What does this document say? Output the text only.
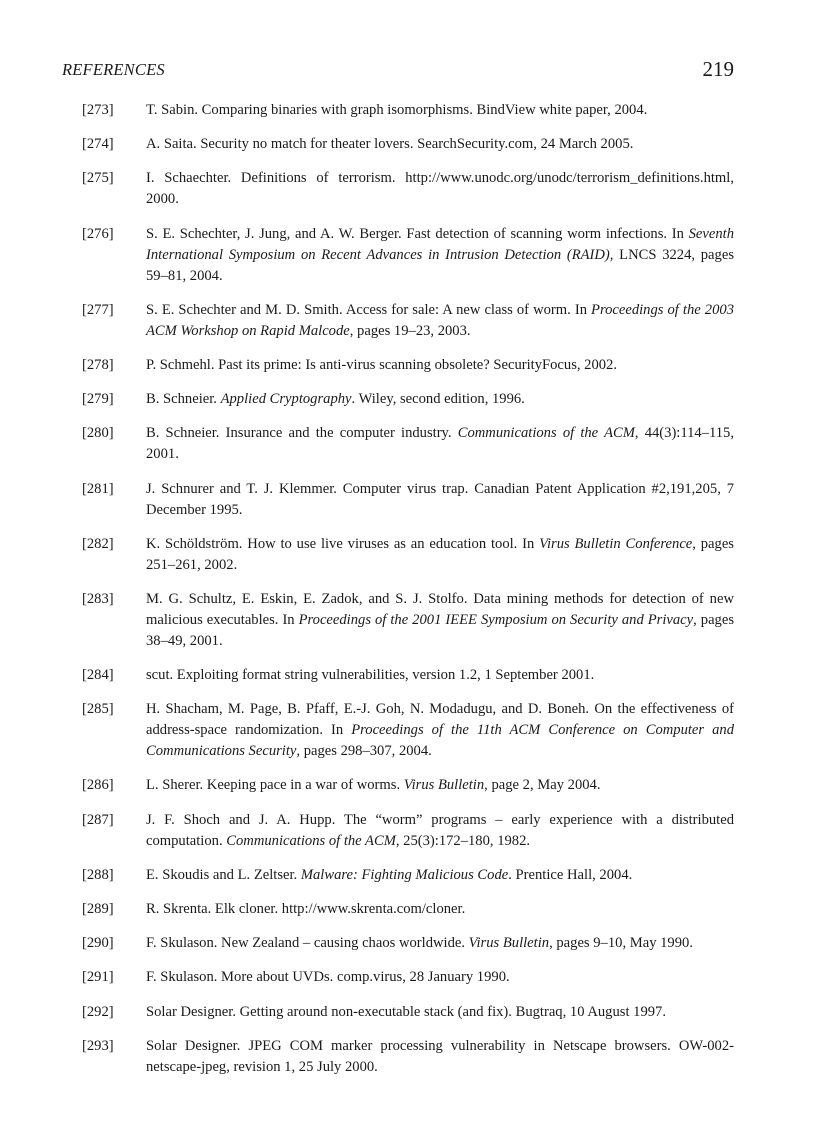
REFERENCES	219
[273] T. Sabin. Comparing binaries with graph isomorphisms. BindView white paper, 2004.
[274] A. Saita. Security no match for theater lovers. SearchSecurity.com, 24 March 2005.
[275] I. Schaechter. Definitions of terrorism. http://www.unodc.org/unodc/terrorism_definitions.html, 2000.
[276] S. E. Schechter, J. Jung, and A. W. Berger. Fast detection of scanning worm infections. In Seventh International Symposium on Recent Advances in Intrusion Detection (RAID), LNCS 3224, pages 59–81, 2004.
[277] S. E. Schechter and M. D. Smith. Access for sale: A new class of worm. In Proceedings of the 2003 ACM Workshop on Rapid Malcode, pages 19–23, 2003.
[278] P. Schmehl. Past its prime: Is anti-virus scanning obsolete? SecurityFocus, 2002.
[279] B. Schneier. Applied Cryptography. Wiley, second edition, 1996.
[280] B. Schneier. Insurance and the computer industry. Communications of the ACM, 44(3):114–115, 2001.
[281] J. Schnurer and T. J. Klemmer. Computer virus trap. Canadian Patent Application #2,191,205, 7 December 1995.
[282] K. Schöldström. How to use live viruses as an education tool. In Virus Bulletin Conference, pages 251–261, 2002.
[283] M. G. Schultz, E. Eskin, E. Zadok, and S. J. Stolfo. Data mining methods for detection of new malicious executables. In Proceedings of the 2001 IEEE Symposium on Security and Privacy, pages 38–49, 2001.
[284] scut. Exploiting format string vulnerabilities, version 1.2, 1 September 2001.
[285] H. Shacham, M. Page, B. Pfaff, E.-J. Goh, N. Modadugu, and D. Boneh. On the effectiveness of address-space randomization. In Proceedings of the 11th ACM Conference on Computer and Communications Security, pages 298–307, 2004.
[286] L. Sherer. Keeping pace in a war of worms. Virus Bulletin, page 2, May 2004.
[287] J. F. Shoch and J. A. Hupp. The “worm” programs – early experience with a distributed computation. Communications of the ACM, 25(3):172–180, 1982.
[288] E. Skoudis and L. Zeltser. Malware: Fighting Malicious Code. Prentice Hall, 2004.
[289] R. Skrenta. Elk cloner. http://www.skrenta.com/cloner.
[290] F. Skulason. New Zealand – causing chaos worldwide. Virus Bulletin, pages 9–10, May 1990.
[291] F. Skulason. More about UVDs. comp.virus, 28 January 1990.
[292] Solar Designer. Getting around non-executable stack (and fix). Bugtraq, 10 August 1997.
[293] Solar Designer. JPEG COM marker processing vulnerability in Netscape browsers. OW-002-netscape-jpeg, revision 1, 25 July 2000.
